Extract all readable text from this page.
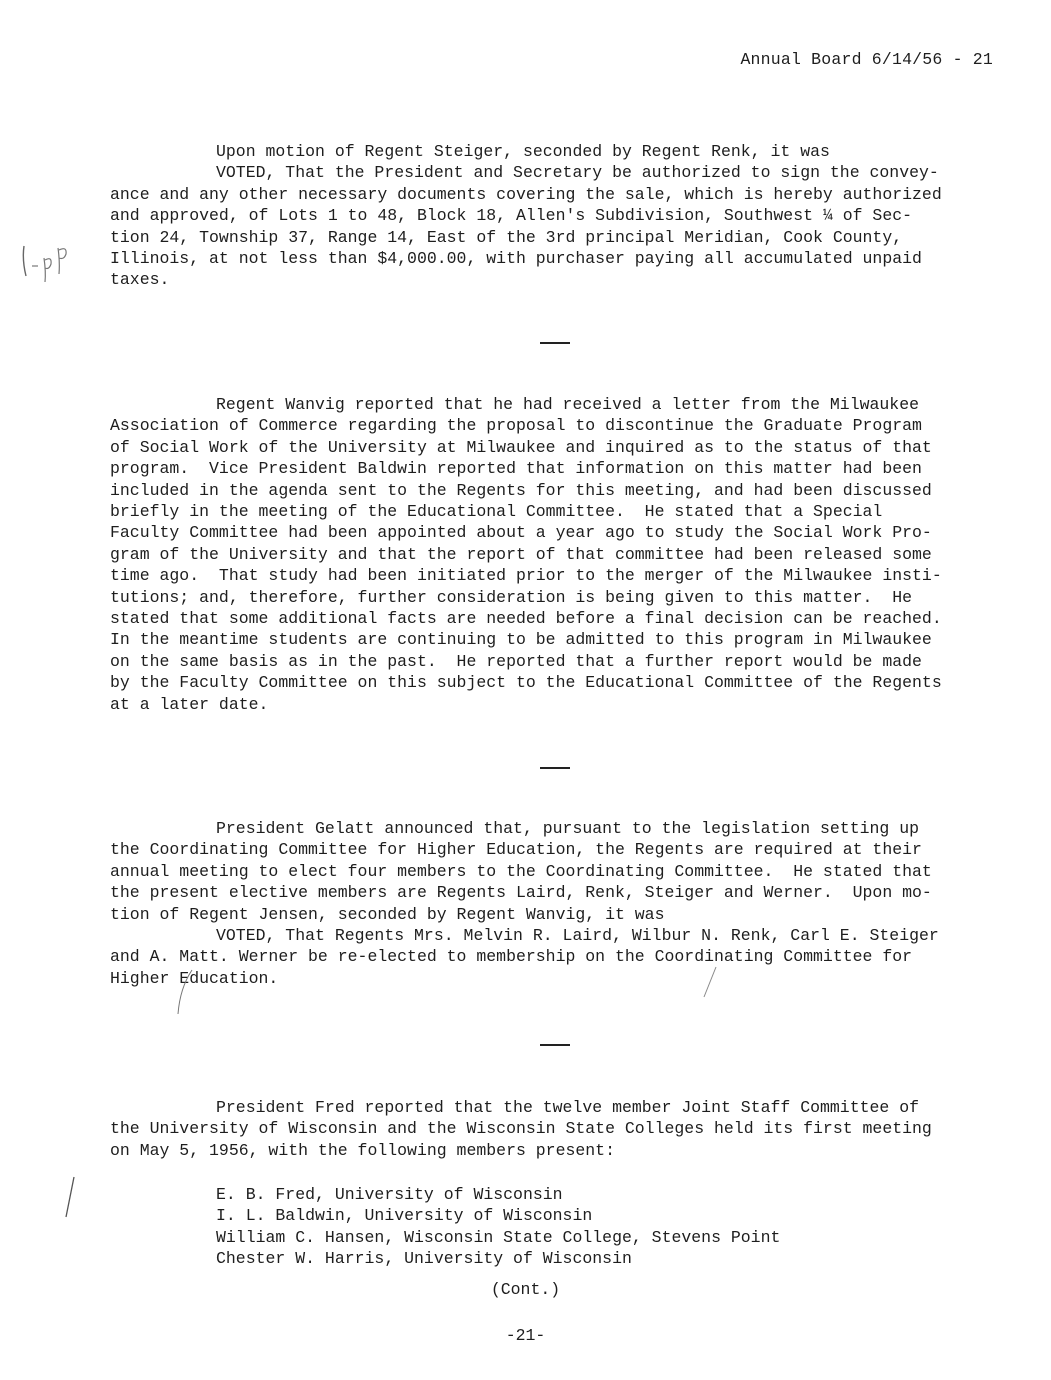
Annual Board 6/14/56 - 21
Upon motion of Regent Steiger, seconded by Regent Renk, it was
VOTED, That the President and Secretary be authorized to sign the convey-
ance and any other necessary documents covering the sale, which is hereby authorized
and approved, of Lots 1 to 48, Block 18, Allen's Subdivision, Southwest ¼ of Sec-
tion 24, Township 37, Range 14, East of the 3rd principal Meridian, Cook County,
Illinois, at not less than $4,000.00, with purchaser paying all accumulated unpaid
taxes.
Regent Wanvig reported that he had received a letter from the Milwaukee
Association of Commerce regarding the proposal to discontinue the Graduate Program
of Social Work of the University at Milwaukee and inquired as to the status of that
program.  Vice President Baldwin reported that information on this matter had been
included in the agenda sent to the Regents for this meeting, and had been discussed
briefly in the meeting of the Educational Committee.  He stated that a Special
Faculty Committee had been appointed about a year ago to study the Social Work Pro-
gram of the University and that the report of that committee had been released some
time ago.  That study had been initiated prior to the merger of the Milwaukee insti-
tutions; and, therefore, further consideration is being given to this matter.  He
stated that some additional facts are needed before a final decision can be reached.
In the meantime students are continuing to be admitted to this program in Milwaukee
on the same basis as in the past.  He reported that a further report would be made
by the Faculty Committee on this subject to the Educational Committee of the Regents
at a later date.
President Gelatt announced that, pursuant to the legislation setting up
the Coordinating Committee for Higher Education, the Regents are required at their
annual meeting to elect four members to the Coordinating Committee.  He stated that
the present elective members are Regents Laird, Renk, Steiger and Werner.  Upon mo-
tion of Regent Jensen, seconded by Regent Wanvig, it was
VOTED, That Regents Mrs. Melvin R. Laird, Wilbur N. Renk, Carl E. Steiger
and A. Matt. Werner be re-elected to membership on the Coordinating Committee for
Higher Education.
President Fred reported that the twelve member Joint Staff Committee of
the University of Wisconsin and the Wisconsin State Colleges held its first meeting
on May 5, 1956, with the following members present:
E. B. Fred, University of Wisconsin
I. L. Baldwin, University of Wisconsin
William C. Hansen, Wisconsin State College, Stevens Point
Chester W. Harris, University of Wisconsin
(Cont.)
-21-
